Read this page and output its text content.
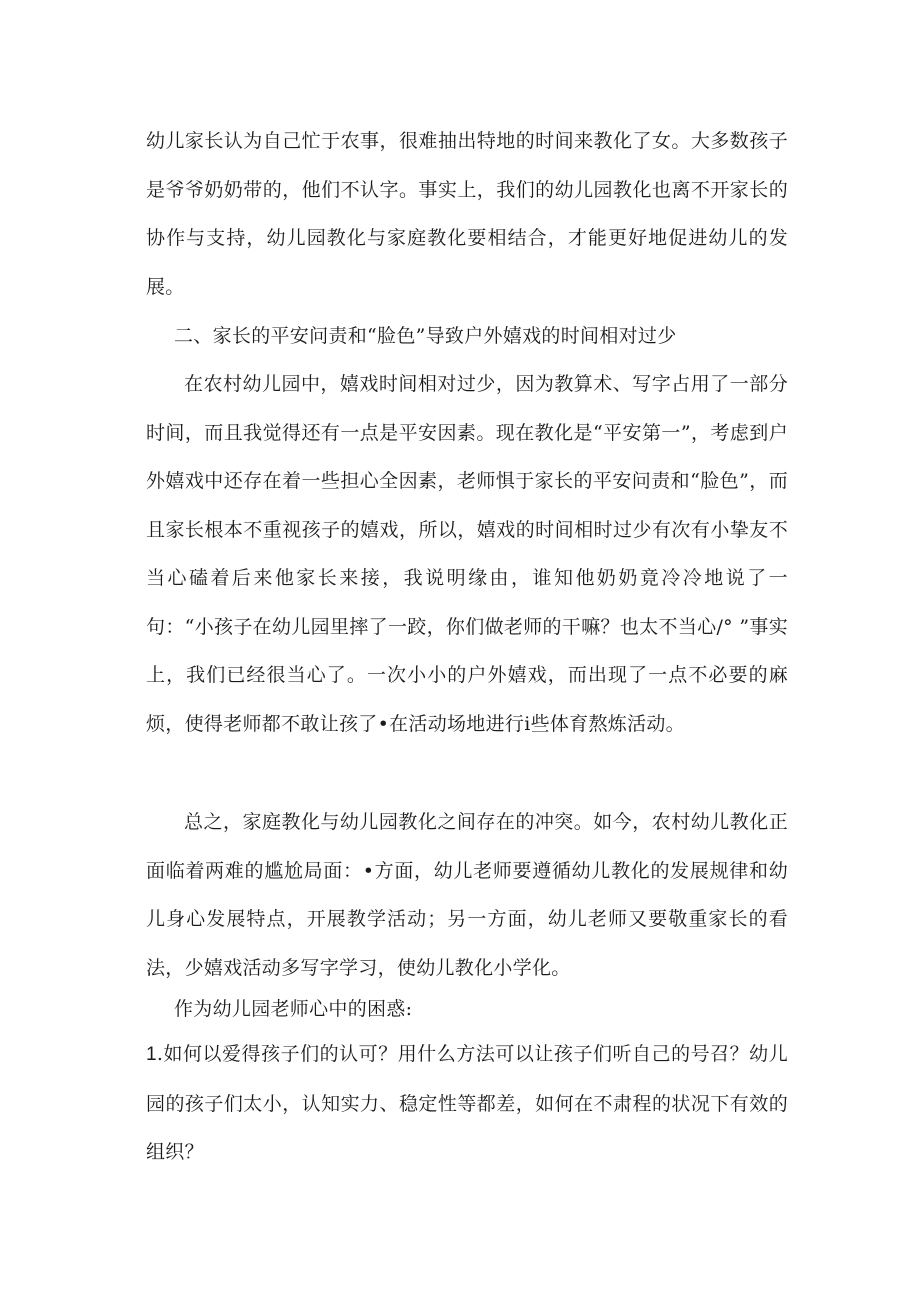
幼儿家长认为自己忙于农事，很难抽出特地的时间来教化了女。大多数孩子是爷爷奶奶带的，他们不认字。事实上，我们的幼儿园教化也离不开家长的协作与支持，幼儿园教化与家庭教化要相结合，才能更好地促进幼儿的发展。

二、家长的平安问责和“脸色”导致户外嬉戏的时间相对过少

在农村幼儿园中，嬉戏时间相对过少，因为教算术、写字占用了一部分时间，而且我觉得还有一点是平安因素。现在教化是“平安第一”，考虑到户外嬉戏中还存在着一些担心全因素，老师惧于家长的平安问责和“脸色”，而且家长根本不重视孩子的嬉戏，所以，嬉戏的时间相时过少有次有小挚友不当心磕着后来他家长来接，我说明缘由，谁知他奶奶竟冷冷地说了一句：“小孩子在幼儿园里摔了一跤，你们做老师的干嘛？也太不当心/° ”事实上，我们已经很当心了。一次小小的户外嬉戏，而出现了一点不必要的麻烦，使得老师都不敢让孩了•在活动场地进行i些体育熬炼活动。

总之，家庭教化与幼儿园教化之间存在的冲突。如今，农村幼儿教化正面临着两难的尴尬局面：•方面，幼儿老师要遵循幼儿教化的发展规律和幼儿身心发展特点，开展教学活动；另一方面，幼儿老师又要敬重家长的看法，少嬉戏活动多写字学习，使幼儿教化小学化。

作为幼儿园老师心中的困惑:

1.如何以爱得孩子们的认可？用什么方法可以让孩子们听自己的号召？幼儿园的孩子们太小，认知实力、稳定性等都差，如何在不肃程的状况下有效的组织？
